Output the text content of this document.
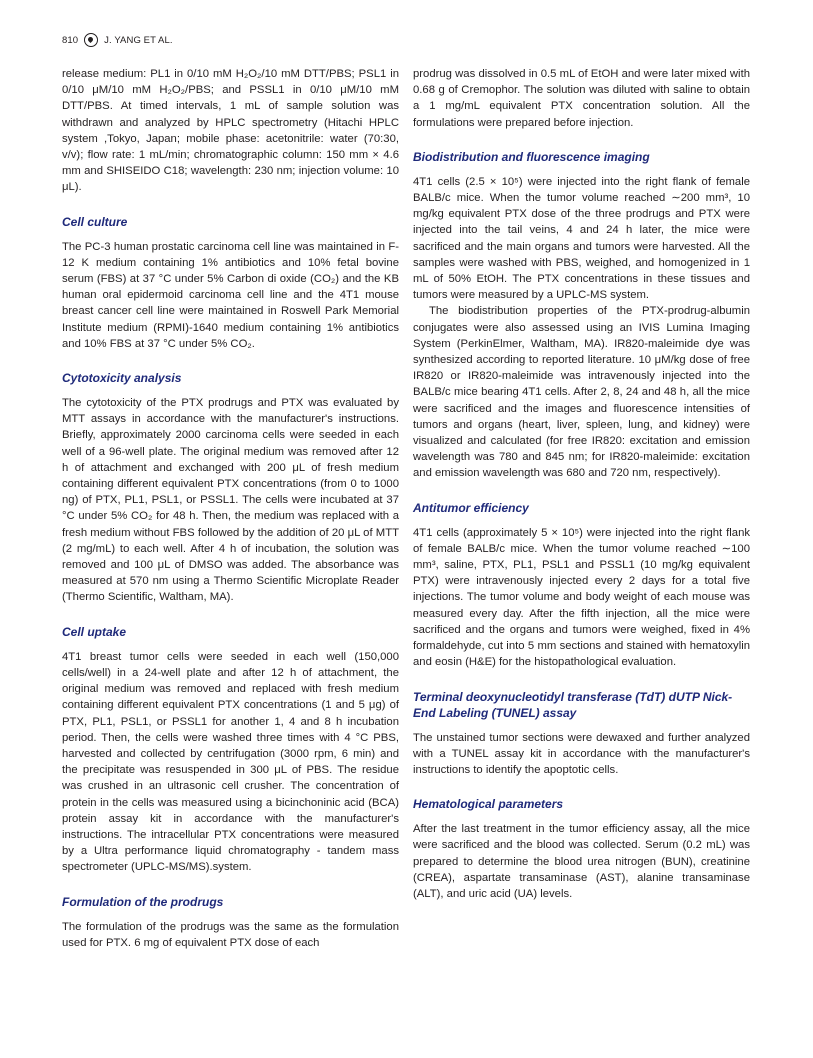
810	J. YANG ET AL.

release medium: PL1 in 0/10 mM H₂O₂/10 mM DTT/PBS; PSL1 in 0/10 μM/10 mM H₂O₂/PBS; and PSSL1 in 0/10 μM/10 mM DTT/PBS. At timed intervals, 1 mL of sample solution was withdrawn and analyzed by HPLC spectrometry (Hitachi HPLC system ,Tokyo, Japan; mobile phase: acetonitrile: water (70:30, v/v); flow rate: 1 mL/min; chromatographic column: 150 mm × 4.6 mm and SHISEIDO C18; wavelength: 230 nm; injection volume: 10 μL).

Cell culture

The PC-3 human prostatic carcinoma cell line was maintained in F-12 K medium containing 1% antibiotics and 10% fetal bovine serum (FBS) at 37 °C under 5% Carbon di oxide (CO₂) and the KB human oral epidermoid carcinoma cell line and the 4T1 mouse breast cancer cell line were maintained in Roswell Park Memorial Institute medium (RPMI)-1640 medium containing 1% antibiotics and 10% FBS at 37 °C under 5% CO₂.

Cytotoxicity analysis

The cytotoxicity of the PTX prodrugs and PTX was evaluated by MTT assays in accordance with the manufacturer's instructions. Briefly, approximately 2000 carcinoma cells were seeded in each well of a 96-well plate. The original medium was removed after 12 h of attachment and exchanged with 200 μL of fresh medium containing different equivalent PTX concentrations (from 0 to 1000 ng) of PTX, PL1, PSL1, or PSSL1. The cells were incubated at 37 °C under 5% CO₂ for 48 h. Then, the medium was replaced with a fresh medium without FBS followed by the addition of 20 μL of MTT (2 mg/mL) to each well. After 4 h of incubation, the solution was removed and 100 μL of DMSO was added. The absorbance was measured at 570 nm using a Thermo Scientific Microplate Reader (Thermo Scientific, Waltham, MA).

Cell uptake

4T1 breast tumor cells were seeded in each well (150,000 cells/well) in a 24-well plate and after 12 h of attachment, the original medium was removed and replaced with fresh medium containing different equivalent PTX concentrations (1 and 5 μg) of PTX, PL1, PSL1, or PSSL1 for another 1, 4 and 8 h incubation period. Then, the cells were washed three times with 4 °C PBS, harvested and collected by centrifugation (3000 rpm, 6 min) and the precipitate was resuspended in 300 μL of PBS. The residue was crushed in an ultrasonic cell crusher. The concentration of protein in the cells was measured using a bicinchoninic acid (BCA) protein assay kit in accordance with the manufacturer's instructions. The intracellular PTX concentrations were measured by a Ultra performance liquid chromatography - tandem mass spectrometer (UPLC-MS/MS).system.

Formulation of the prodrugs

The formulation of the prodrugs was the same as the formulation used for PTX. 6 mg of equivalent PTX dose of each

prodrug was dissolved in 0.5 mL of EtOH and were later mixed with 0.68 g of Cremophor. The solution was diluted with saline to obtain a 1 mg/mL equivalent PTX concentration solution. All the formulations were prepared before injection.

Biodistribution and fluorescence imaging

4T1 cells (2.5 × 10⁵) were injected into the right flank of female BALB/c mice. When the tumor volume reached ∼200 mm³, 10 mg/kg equivalent PTX dose of the three prodrugs and PTX were injected into the tail veins, 4 and 24 h later, the mice were sacrificed and the main organs and tumors were harvested. All the samples were washed with PBS, weighed, and homogenized in 1 mL of 50% EtOH. The PTX concentrations in these tissues and tumors were measured by a UPLC-MS system.

The biodistribution properties of the PTX-prodrug-albumin conjugates were also assessed using an IVIS Lumina Imaging System (PerkinElmer, Waltham, MA). IR820-maleimide dye was synthesized according to reported literature. 10 μM/kg dose of free IR820 or IR820-maleimide was intravenously injected into the BALB/c mice bearing 4T1 cells. After 2, 8, 24 and 48 h, all the mice were sacrificed and the images and fluorescence intensities of tumors and organs (heart, liver, spleen, lung, and kidney) were visualized and calculated (for free IR820: excitation and emission wavelength was 780 and 845 nm; for IR820-maleimide: excitation and emission wavelength was 680 and 720 nm, respectively).

Antitumor efficiency

4T1 cells (approximately 5 × 10⁵) were injected into the right flank of female BALB/c mice. When the tumor volume reached ∼100 mm³, saline, PTX, PL1, PSL1 and PSSL1 (10 mg/kg equivalent PTX) were intravenously injected every 2 days for a total five injections. The tumor volume and body weight of each mouse was measured every day. After the fifth injection, all the mice were sacrificed and the organs and tumors were weighed, fixed in 4% formaldehyde, cut into 5 mm sections and stained with hematoxylin and eosin (H&E) for the histopathological evaluation.

Terminal deoxynucleotidyl transferase (TdT) dUTP Nick-End Labeling (TUNEL) assay

The unstained tumor sections were dewaxed and further analyzed with a TUNEL assay kit in accordance with the manufacturer's instructions to identify the apoptotic cells.

Hematological parameters

After the last treatment in the tumor efficiency assay, all the mice were sacrificed and the blood was collected. Serum (0.2 mL) was prepared to determine the blood urea nitrogen (BUN), creatinine (CREA), aspartate transaminase (AST), alanine transaminase (ALT), and uric acid (UA) levels.
